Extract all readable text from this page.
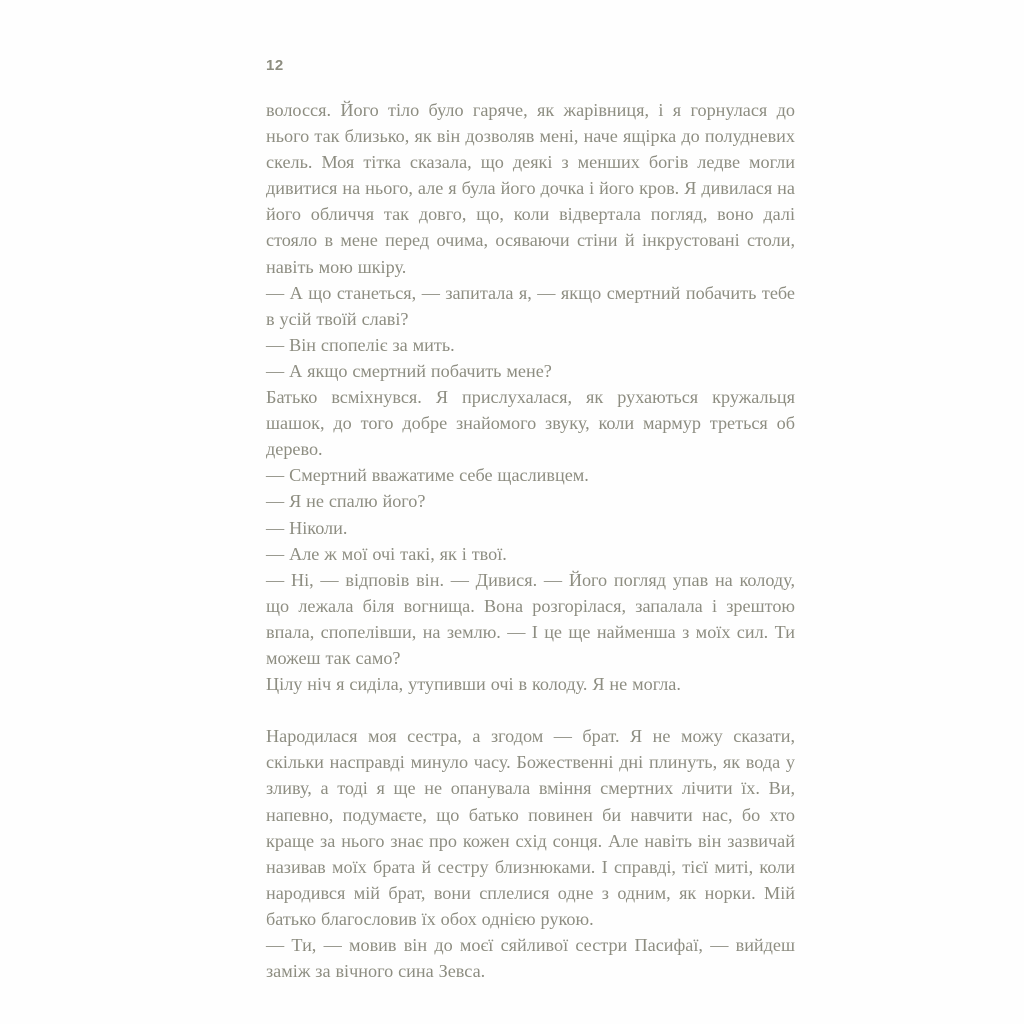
12

волосся. Його тіло було гаряче, як жарівниця, і я горнулася до нього так близько, як він дозволяв мені, наче ящірка до полудневих скель. Моя тітка сказала, що деякі з менших богів ледве могли дивитися на нього, але я була його дочка і його кров. Я дивилася на його обличчя так довго, що, коли відвертала погляд, воно далі стояло в мене перед очима, осяваючи стіни й інкрустовані столи, навіть мою шкіру.

— А що станеться, — запитала я, — якщо смертний побачить тебе в усій твоїй славі?

— Він спопеліє за мить.

— А якщо смертний побачить мене?

Батько всміхнувся. Я прислухалася, як рухаються кружальця шашок, до того добре знайомого звуку, коли мармур треться об дерево.

— Смертний вважатиме себе щасливцем.

— Я не спалю його?

— Ніколи.

— Але ж мої очі такі, як і твої.

— Ні, — відповів він. — Дивися. — Його погляд упав на колоду, що лежала біля вогнища. Вона розгорілася, запалала і зрештою впала, спопелівши, на землю. — І це ще найменша з моїх сил. Ти можеш так само?

Цілу ніч я сиділа, утупивши очі в колоду. Я не могла.

Народилася моя сестра, а згодом — брат. Я не можу сказати, скільки насправді минуло часу. Божественні дні плинуть, як вода у зливу, а тоді я ще не опанувала вміння смертних лічити їх. Ви, напевно, подумаєте, що батько повинен би навчити нас, бо хто краще за нього знає про кожен схід сонця. Але навіть він зазвичай називав моїх брата й сестру близнюками. І справді, тієї миті, коли народився мій брат, вони сплелися одне з одним, як норки. Мій батько благословив їх обох однією рукою.

— Ти, — мовив він до моєї сяйливої сестри Пасифаї, — вийдеш заміж за вічного сина Зевса.
